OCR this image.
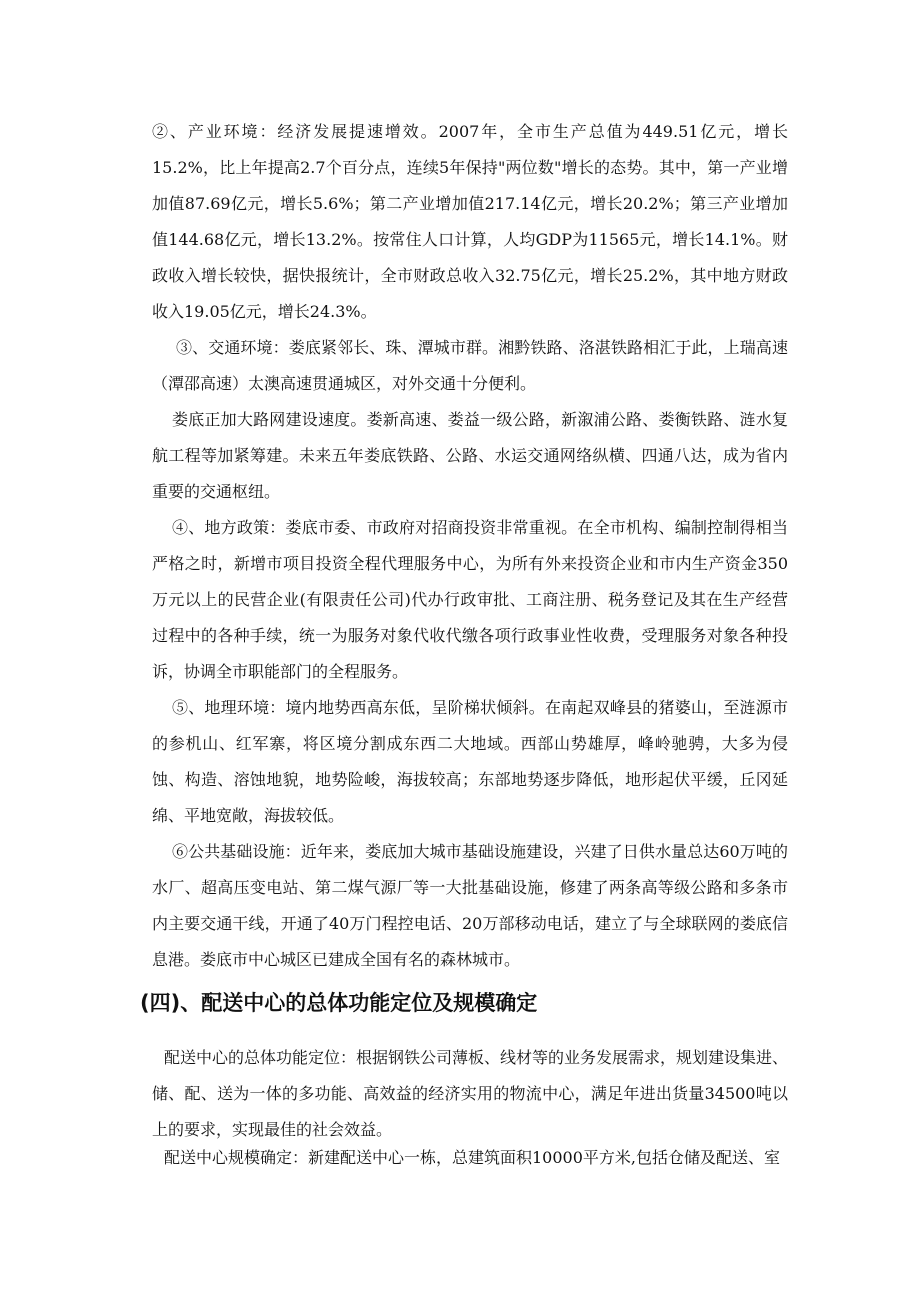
②、产业环境：经济发展提速增效。2007年，全市生产总值为449.51亿元，增长15.2%，比上年提高2.7个百分点，连续5年保持"两位数"增长的态势。其中，第一产业增加值87.69亿元，增长5.6%；第二产业增加值217.14亿元，增长20.2%；第三产业增加值144.68亿元，增长13.2%。按常住人口计算，人均GDP为11565元，增长14.1%。财政收入增长较快，据快报统计，全市财政总收入32.75亿元，增长25.2%，其中地方财政收入19.05亿元，增长24.3%。

③、交通环境：娄底紧邻长、珠、潭城市群。湘黔铁路、洛湛铁路相汇于此，上瑞高速（潭邵高速）太澳高速贯通城区，对外交通十分便利。

娄底正加大路网建设速度。娄新高速、娄益一级公路，新溆浦公路、娄衡铁路、涟水复航工程等加紧筹建。未来五年娄底铁路、公路、水运交通网络纵横、四通八达，成为省内重要的交通枢纽。

④、地方政策：娄底市委、市政府对招商投资非常重视。在全市机构、编制控制得相当严格之时，新增市项目投资全程代理服务中心，为所有外来投资企业和市内生产资金350万元以上的民营企业(有限责任公司)代办行政审批、工商注册、税务登记及其在生产经营过程中的各种手续，统一为服务对象代收代缴各项行政事业性收费，受理服务对象各种投诉，协调全市职能部门的全程服务。

⑤、地理环境：境内地势西高东低，呈阶梯状倾斜。在南起双峰县的猪婆山，至涟源市的参机山、红军寨，将区境分割成东西二大地域。西部山势雄厚，峰岭驰骋，大多为侵蚀、构造、溶蚀地貌，地势险峻，海拔较高；东部地势逐步降低，地形起伏平缓，丘冈延绵、平地宽敞，海拔较低。

⑥公共基础设施：近年来，娄底加大城市基础设施建设，兴建了日供水量总达60万吨的水厂、超高压变电站、第二煤气源厂等一大批基础设施，修建了两条高等级公路和多条市内主要交通干线，开通了40万门程控电话、20万部移动电话，建立了与全球联网的娄底信息港。娄底市中心城区已建成全国有名的森林城市。

(四)、配送中心的总体功能定位及规模确定

配送中心的总体功能定位：根据钢铁公司薄板、线材等的业务发展需求，规划建设集进、储、配、送为一体的多功能、高效益的经济实用的物流中心，满足年进出货量34500吨以上的要求，实现最佳的社会效益。

配送中心规模确定：新建配送中心一栋，总建筑面积10000平方米,包括仓储及配送、室
